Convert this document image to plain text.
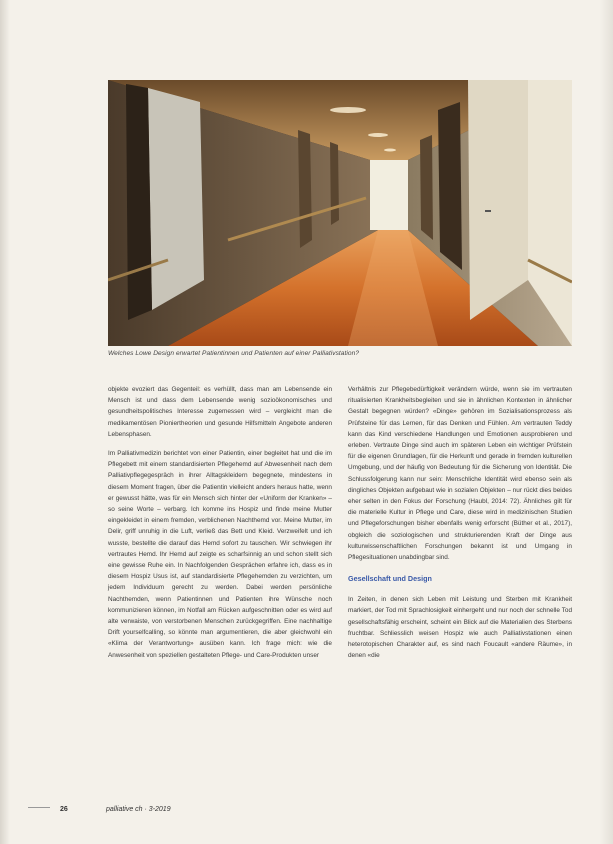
Welches Lowe Design erwartet Patientinnen und Patienten auf einer Palliativstation?

objekte evoziert das Gegenteil: es verhüllt, dass man am Lebensende ein Mensch ist und dass dem Lebensende wenig sozioökonomisches und gesundheitspolitisches Interesse zugemessen wird – vergleicht man die medikamentösen Pioniertheorien und gesunde Hilfsmitteln Angebote anderen Lebensphasen.

Im Palliativmedizin berichtet von einer Patientin, einer begleitet hat und die im Pflegebett mit einem standardisierten Pflegehemd auf Abwesenheit nach dem Palliativpflegegespräch in ihrer Alltagskleidern begegnete, mindestens in diesem Moment fragen, über die Patientin vielleicht anders heraus hatte, wenn er gewusst hätte, was für ein Mensch sich hinter der «Uniform der Kranken» – so seine Worte – verbarg. Ich komme ins Hospiz und finde meine Mutter eingekleidet in einem fremden, verblichenen Nachthemd vor. Meine Mutter, im Delir, griff unruhig in die Luft, verließ das Bett und Kleid. Verzweifelt und ich wusste, bestellte die darauf das Hemd sofort zu tauschen. Wir schwiegen ihr vertrautes Hemd. Ihr Hemd auf zeigte es scharfsinnig an und schon stellt sich eine gewisse Ruhe ein. In Nachfolgenden Gesprächen erfahre ich, dass es in diesem Hospiz Usus ist, auf standardisierte Pflegehemden zu verzichten, um jedem Individuum gerecht zu werden. Dabei werden persönliche Nachthemden, wenn Patientinnen und Patienten ihre Wünsche noch kommunizieren können, im Notfall am Rücken aufgeschnitten oder es wird auf alte verwaiste, von verstorbenen Menschen zurückgegriffen. Eine nachhaltige Drift yourselfcalling, so könnte man argumentieren, die aber gleichwohl ein «Klima der Verantwortung» ausüben kann. Ich frage mich: wie die Anwesenheit von speziellen gestalteten Pflege- und Care-Produkten unser

Verhältnis zur Pflegebedürftigkeit verändern würde, wenn sie im vertrauten ritualisierten Krankheitsbegleiten und sie in ähnlichen Kontexten in ähnlicher Gestalt begegnen würden? «Dinge» gehören im Sozialisationsprozess als Prüfsteine für das Lernen, für das Denken und Fühlen. Am vertrauten Teddy kann das Kind verschiedene Handlungen und Emotionen ausprobieren und erleben. Vertraute Dinge sind auch im späteren Leben ein wichtiger Prüfstein für die eigenen Grundlagen, für die Herkunft und gerade in fremden kulturellen Umgebung, und der häufig von Bedeutung für die Sicherung von Identität. Die Schlussfolgerung kann nur sein: Menschliche Identität wird ebenso sein als dingliches Objekten aufgebaut wie in sozialen Objekten – nur rückt dies beides eher selten in den Fokus der Forschung (Haubl, 2014: 72). Ähnliches gilt für die materielle Kultur in Pflege und Care, diese wird in medizinischen Studien und Pflegeforschungen bisher ebenfalls wenig erforscht (Büther et al., 2017), obgleich die soziologischen und strukturierenden Kraft der Dinge aus kulturwissenschaftlichen Forschungen bekannt ist und Umgang in Pflegesituationen unabdingbar sind.

Gesellschaft und Design

In Zeiten, in denen sich Leben mit Leistung und Sterben mit Krankheit markiert, der Tod mit Sprachlosigkeit einhergeht und nur noch der schnelle Tod gesellschaftsfähig erscheint, scheint ein Blick auf die Materialien des Sterbens fruchtbar. Schliesslich weisen Hospiz wie auch Palliativstationen einen heterotopischen Charakter auf, es sind nach Foucault «andere Räume», in denen «die

26	palliative ch · 3-2019
